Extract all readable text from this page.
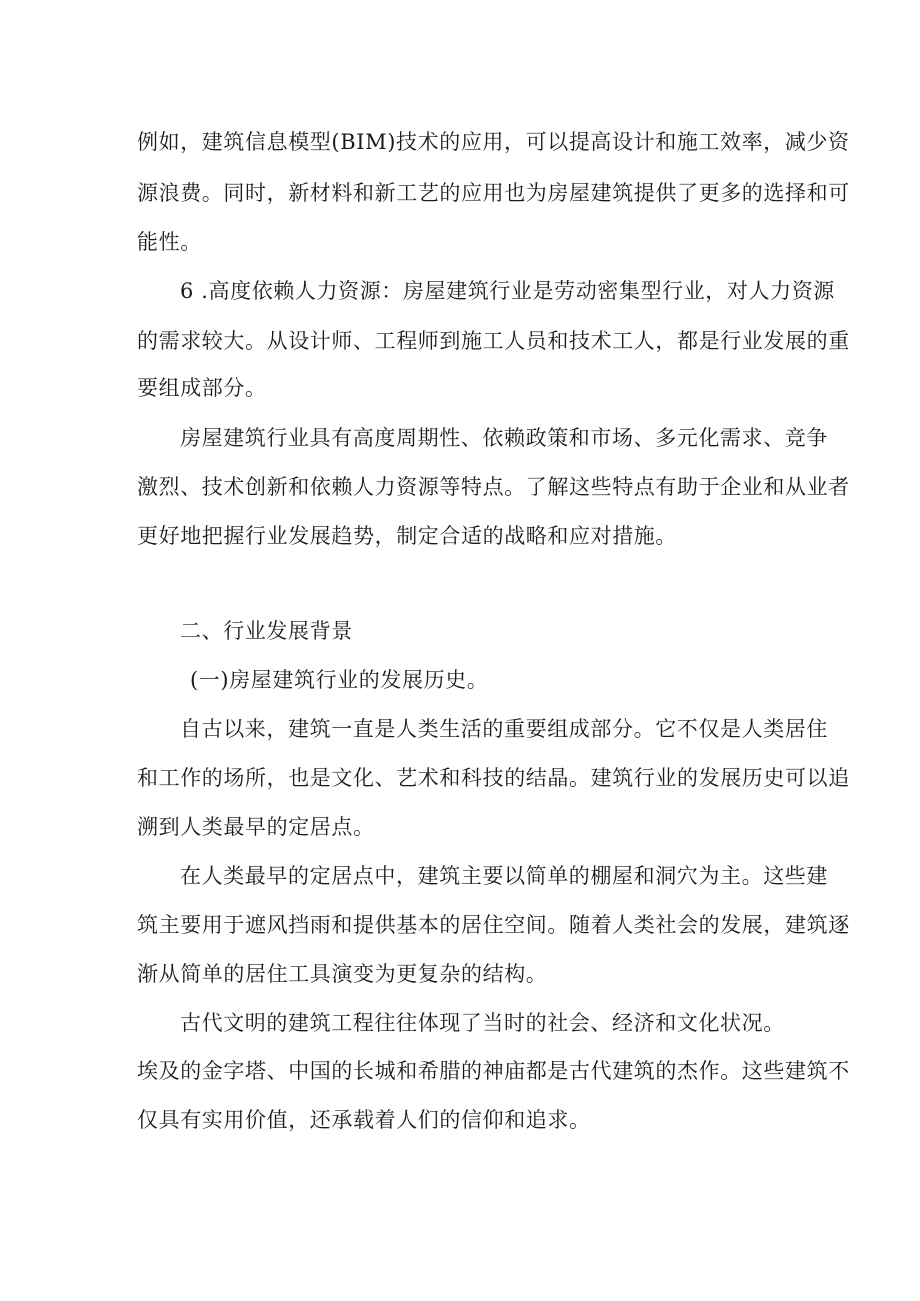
例如，建筑信息模型(BIM)技术的应用，可以提高设计和施工效率，减少资
源浪费。同时，新材料和新工艺的应用也为房屋建筑提供了更多的选择和可
能性。
6 .高度依赖人力资源：房屋建筑行业是劳动密集型行业，对人力资源
的需求较大。从设计师、工程师到施工人员和技术工人，都是行业发展的重
要组成部分。
房屋建筑行业具有高度周期性、依赖政策和市场、多元化需求、竞争
激烈、技术创新和依赖人力资源等特点。了解这些特点有助于企业和从业者
更好地把握行业发展趋势，制定合适的战略和应对措施。
二、行业发展背景
(一)房屋建筑行业的发展历史。
自古以来，建筑一直是人类生活的重要组成部分。它不仅是人类居住
和工作的场所，也是文化、艺术和科技的结晶。建筑行业的发展历史可以追
溯到人类最早的定居点。
在人类最早的定居点中，建筑主要以简单的棚屋和洞穴为主。这些建
筑主要用于遮风挡雨和提供基本的居住空间。随着人类社会的发展，建筑逐
渐从简单的居住工具演变为更复杂的结构。
古代文明的建筑工程往往体现了当时的社会、经济和文化状况。
埃及的金字塔、中国的长城和希腊的神庙都是古代建筑的杰作。这些建筑不
仅具有实用价值，还承载着人们的信仰和追求。
